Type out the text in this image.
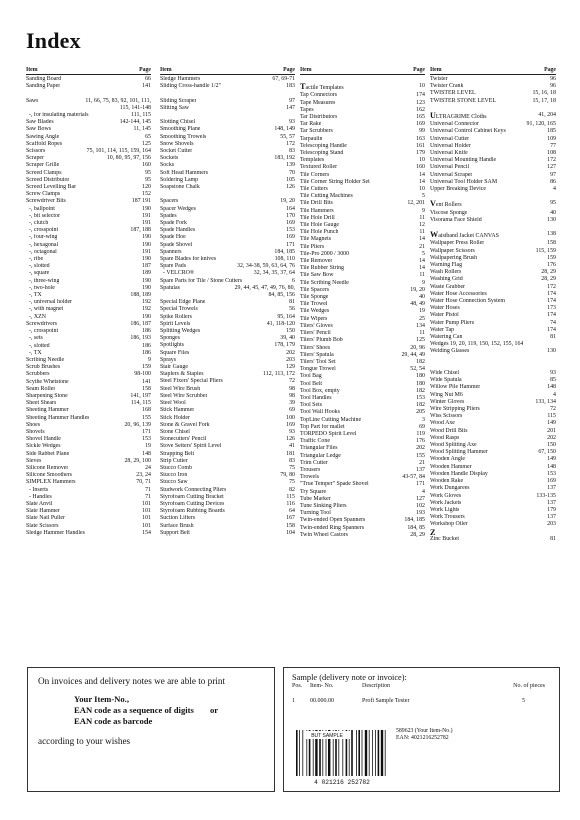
Index
Item	Page
Sanding Board	66
Sanding Paper	141
Saws	11, 66, 75, 83, 92, 101, 111,
115, 141-148
-, for insulating materials	111, 115
Saw Blades	142-144, 145
Saw Bows	11, 145
Sawing Angle	65
Scaffold Ropes	125
Scissors	75, 101, 114, 115, 159, 164
Scraper	10, 80, 95, 97, 156
Scraper Grille	160
Screed Clamps	95
Screed Distributor	95
Screed Levelling Bar	120
Screw Clamps	152
Screwdriver Bits	187 191
-, ballpoint	190
-, bit selector	191
-, clutch	191
-, crosspoint	187, 188
-, four-wing	190
-, hexagonal	190
-, octagonal	191
-, ribe	190
-, slotted	187
-, square	189
-, three-wing	190
-, two-hole	190
-, TX	188, 189
-, universal holder	192
-, with magnet	192
-, XZN	190
Screwdrivers	186, 187
-, crosspoint	186
-, sets	186, 193
-, slotted	186
-, TX	186
Scribing Needle	9
Scrub Brushes	159
Scrubbers	98-100
Scythe Whetstone	141
Seam Roller	158
Sharpening Stone	141, 197
Sheet Shears	114, 115
Sheeting Hammer	168
Sheeting Hammer Handles	155
Shoes	20, 96, 139
Shovels	171
Shovel Handle	153
Sickle Wedges	19
Side Rabbet Plane	148
Sieves	28, 29, 100
Silicone Remover	24
Silicone Smoothers	23, 24
SIMPLEX Hammers	70, 71
- Inserts	71
- Handles	71
Slate Anvil	101
Slate Hammer	101
Slate Nail Puller	101
Slate Scissors	101
Sledge Hammer Handles	154
Item	Page
Sledge Hammers	67, 69-71
Sliding Cross-handle 1/2"	183
Sliding Scraper	97
Slitting Saw	147
Slotting Chisel	93
Smoothing Plane	148, 149
Smoothing Trowels	55, 57
Snow Shovels	172
Socket Cutter	83
Sockets	183, 192
Socks	139
Soft Head Hammers	70
Soldering Lamp	105
Soapstone Chalk	126
Spacers	19, 20
Spacer Wedges	164
Spades	170
Spade Fork	169
Spade Handles	153
Spade Hoe	169
Spade Shovel	171
Spanners	184, 185
Spare Blades for knives	108, 110
Spare Pads	32, 34-38, 59, 63, 64, 76
- VELCRO®	32, 34, 35, 37, 64
Spare Parts for Tile / Stone Cutters	6
Spatulas	29, 44, 45, 47, 49, 76, 80,
84, 85, 156
Special Edge Plane	81
Special Trowels	56
Spike Rollers	95, 164
Spirit Levels	41, 118-120
Splitting Wedges	150
Sponges	39, 40
Spotlights	178, 179
Square Files	202
Sprays	203
Stair Gauge	129
Staplers & Staples	112, 113, 172
Steel Fixers' Special Pliers	72
Steel Wire Brush	98
Steel Wire Scrubber	98
Steel Wool	39
Stick Hammer	69
Stick Holder	100
Stone & Gravel Fork	169
Stone Chisel	93
Stonecutters' Pencil	126
Stove Setters' Spirit Level	41
Strapping Belt	181
Strip Cutter	83
Stucco Comb	75
Stucco Iron	79, 80
Stucco Saw	75
Studwork Connecting Pliers	82
Styrofoam Cutting Bracket	115
Styrofoam Cutting Devices	116
Styrofoam Rubbing Boards	64
Suction Lifters	167
Surface Brush	158
Support Belt	104
Item	Page
Tactile Templates	10
Tap Connectors	174
Tape Measures	123
Tapes	162
Tar Distributors	165
Tar Rake	169
Tar Scrubbers	99
Tarpaulin	163
Telescoping Handle	161
Telescoping Stand	179
Templates	10
Textured Roller	160
Tile Corners	14
Tile Corner String Holder Set	14
Tile Cutters	10
Tile Cutting Machines	5
Tile Drill Bits	12, 201
Tile Hammers	9
Tile Hole Drill	11
Tile Hole Gauge	12
Tile Hole Punch	11
Tile Magnets	14
Tile Pliers	21
Tile-Pro 2000 / 3000	5
Tile Remover	14
Tile Rubber String	14
Tile Saw Bow	11
Tile Scribing Needle	9
Tile Spacers	19, 20
Tile Sponge	40
Tile Trowel	48, 49
Tile Wedges	19
Tile Wipers	25
Tilers' Gloves	134
Tilers' Pencil	11
Tilers' Plumb Bob	125
Tilers' Shoes	20, 96
Tilers' Spatula	29, 44, 49
Tilers' Tool Set	182
Tongue Trowel	52, 54
Tool Bag	180
Tool Belt	180
Tool Box, empty	182
Tool Handles	153
Tool Sets	182
Tool Wall Hooks	205
TopLine Cutting Machine	3
Top Part for mallet	69
TORPEDO Spirit Level	119
Traffic Cone	176
Triangular Files	202
Triangular Ledge	155
Trim Cutter	21
Trousers	137
Trowels	43-57, 84
"True Temper" Spade Shovel	171
Try Square	4
Tube Marker	127
Tune Sinking Pliers	102
Turning Tool	193
Twin-ended Open Spanners	184, 185
Twin-ended Ring Spanners	184, 85
Twin Wheel Castors	28, 29
Item	Page
Twister	96
Twister Crank	96
TWISTER LEVEL	15, 16, 18
TWISTER STONE LEVEL	15, 17, 18
ULTRAGRIME Cloths	41, 204
Universal Connector	91, 120, 165
Universal Control Cabinet Keys	185
Universal Cutter	109
Universal Holder	77
Universal Knife	108
Universal Mounting Handle	172
Universal Pencil	127
Universal Scraper	97
Universal Tool Holder SAM	86
Upper Breaking Device	4
Vent Rollers	95
Viscose Sponge	40
Visorama Face Shield	130
Waistband Jacket CANVAS	138
Wallpaper Press Roller	158
Wallpaper Scissors	115, 159
Wallpapering Brush	159
Warning Flag	176
Wash Rollers	28, 29
Washing Grid	28, 29
Waste Grabber	172
Water Hose Accessories	174
Water Hose Connection System	174
Water Hoses	173
Water Pistol	174
Water Pump Pliers	74
Water Tap	174
Watering Can	81
Wedges 19, 20, 119, 150, 152, 155, 164
Welding Glasses	130
Wide Chisel	93
Wide Spatula	85
Willow Pile Hammer	148
Wing Nut M6	4
Winter Gloves	133, 134
Wire Stripping Pliers	72
Wiss Scissors	115
Wood Axe	149
Wood Drill Bits	201
Wood Rasps	202
Wood Splitting Axe	150
Wood Splitting Hammer	67, 150
Wooden Angle	149
Wooden Hammer	148
Wooden Handle Display	153
Wooden Rake	169
Work Dungarees	137
Work Gloves	133-135
Work Jackets	137
Work Lights	179
Work Trousers	137
Workshop Oiler	203
Z
Zinc Bucket	81
On invoices and delivery notes we are able to print
Your Item-No.,
EAN code as a sequence of digits or
EAN code as barcode
according to your wishes
Sample (delivery note or invoice):
Pos.	Item- No.	Description	No. of pieces
1	00.000.00	Profi Sample Tester	5
BUT SAMPLE
4 021216 252782
589623 (Your Item-No.)
EAN: 4021216252782
